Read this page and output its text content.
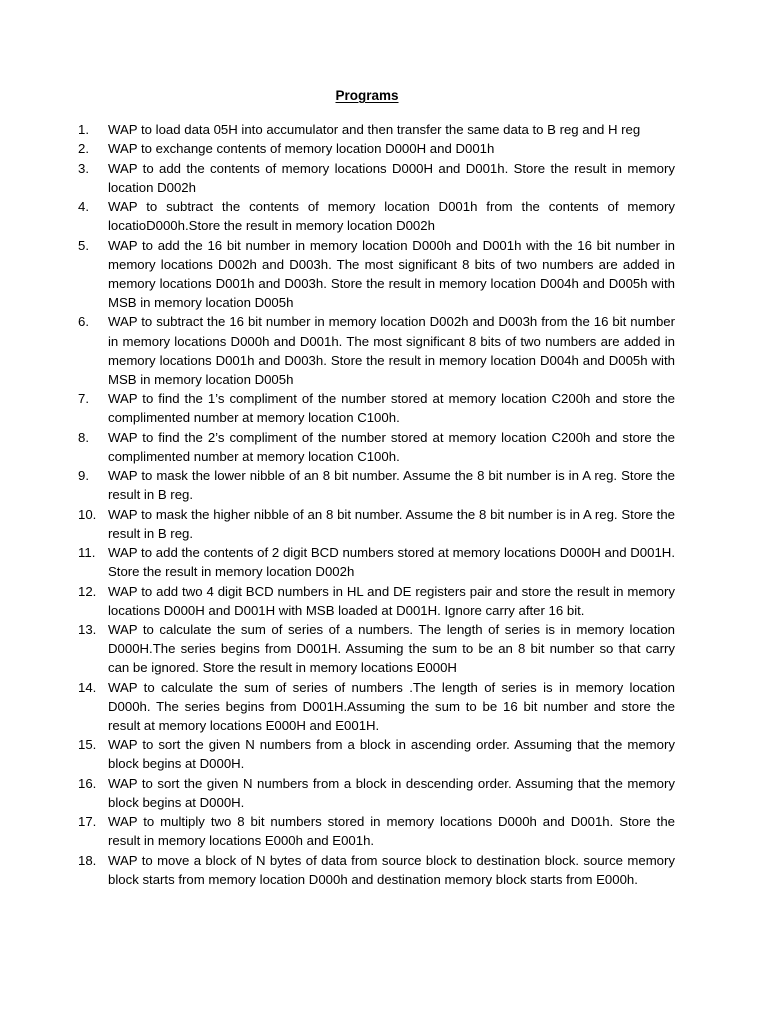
Programs
1.	WAP to load data 05H into accumulator and then transfer the same data to B reg and H reg
2.	WAP to exchange contents of memory location D000H and D001h
3.	WAP to add the contents of memory locations D000H and D001h. Store the result in memory location D002h
4.	WAP to subtract the contents of memory location D001h from the contents of memory locatioD000h.Store the result in memory location D002h
5.	WAP to add the 16 bit number in memory location D000h and D001h with the 16 bit number in memory locations D002h and D003h. The most significant 8 bits of two numbers are added in memory locations D001h and D003h. Store the result in memory location D004h and D005h with MSB in memory location D005h
6.	WAP to subtract the 16 bit number in memory location D002h and D003h from the 16 bit number in memory locations D000h and D001h. The most significant 8 bits of two numbers are added in memory locations D001h and D003h. Store the result in memory location D004h and D005h with MSB in memory location D005h
7.	WAP to find the 1’s compliment of the number stored at memory location C200h and store the complimented number at memory location C100h.
8.	WAP to find the 2’s compliment of the number stored at memory location C200h and store the complimented number at memory location C100h.
9.	WAP to mask the lower nibble of an 8 bit number. Assume the 8 bit number is in A reg. Store the result in B reg.
10. WAP to mask the higher nibble of an 8 bit number. Assume the 8 bit number is in A reg. Store the result in B reg.
11. WAP to add the contents of 2 digit BCD numbers stored at memory locations D000H and D001H. Store the result in memory location D002h
12. WAP to add two 4 digit BCD numbers in HL and DE registers pair and store the result in memory locations D000H and D001H with MSB loaded at D001H. Ignore carry after 16 bit.
13. WAP to calculate the sum of series of a numbers. The length of series is in memory location D000H.The series begins from D001H. Assuming the sum to be an 8 bit number so that carry can be ignored. Store the result in memory locations E000H
14. WAP to calculate the sum of series of numbers .The length of series is in memory location D000h. The series begins from D001H.Assuming the sum to be 16 bit number and store the result at memory locations E000H and E001H.
15. WAP to sort the given N numbers from a block in ascending order. Assuming that the memory block begins at D000H.
16. WAP to sort the given N numbers from a block in descending order. Assuming that the memory block begins at D000H.
17. WAP to multiply two 8 bit numbers stored in memory locations D000h and D001h. Store the result in memory locations E000h and E001h.
18. WAP to move a block of N bytes of data from source block to destination block. source memory block starts from memory location D000h and destination memory block starts from E000h.
